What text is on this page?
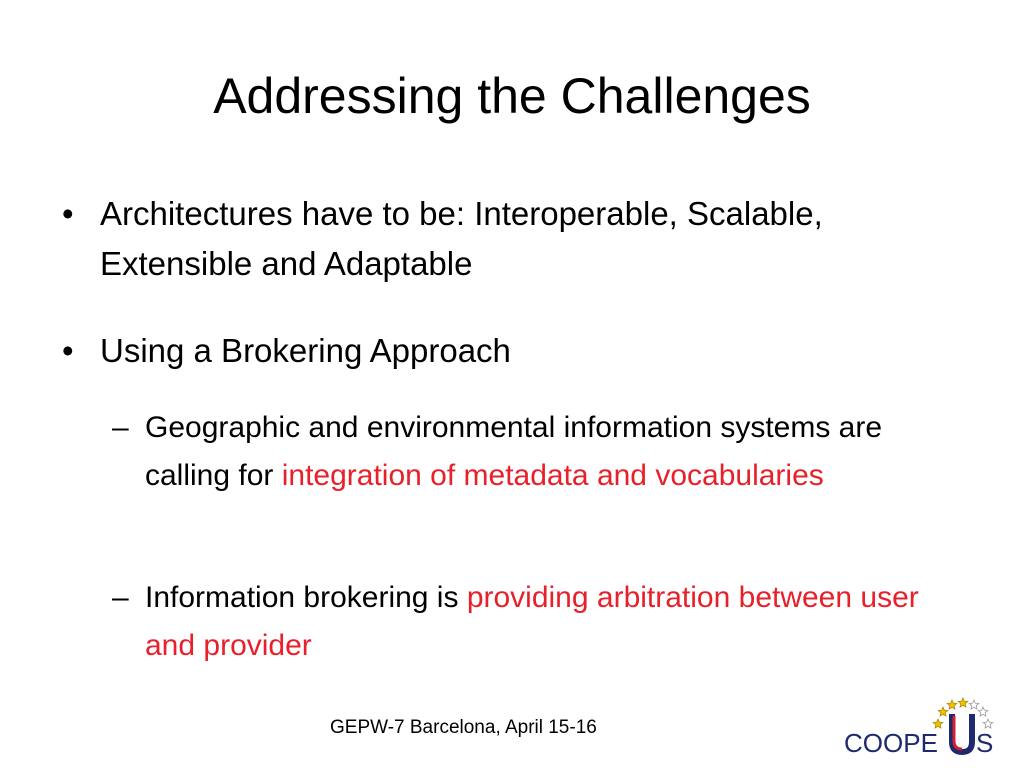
Addressing the Challenges
• Architectures have to be: Interoperable, Scalable, Extensible and Adaptable
• Using a Brokering Approach
– Geographic and environmental information systems are calling for integration of metadata and vocabularies
– Information brokering is providing arbitration between user and provider
GEPW-7 Barcelona, April 15-16
COOPE S
